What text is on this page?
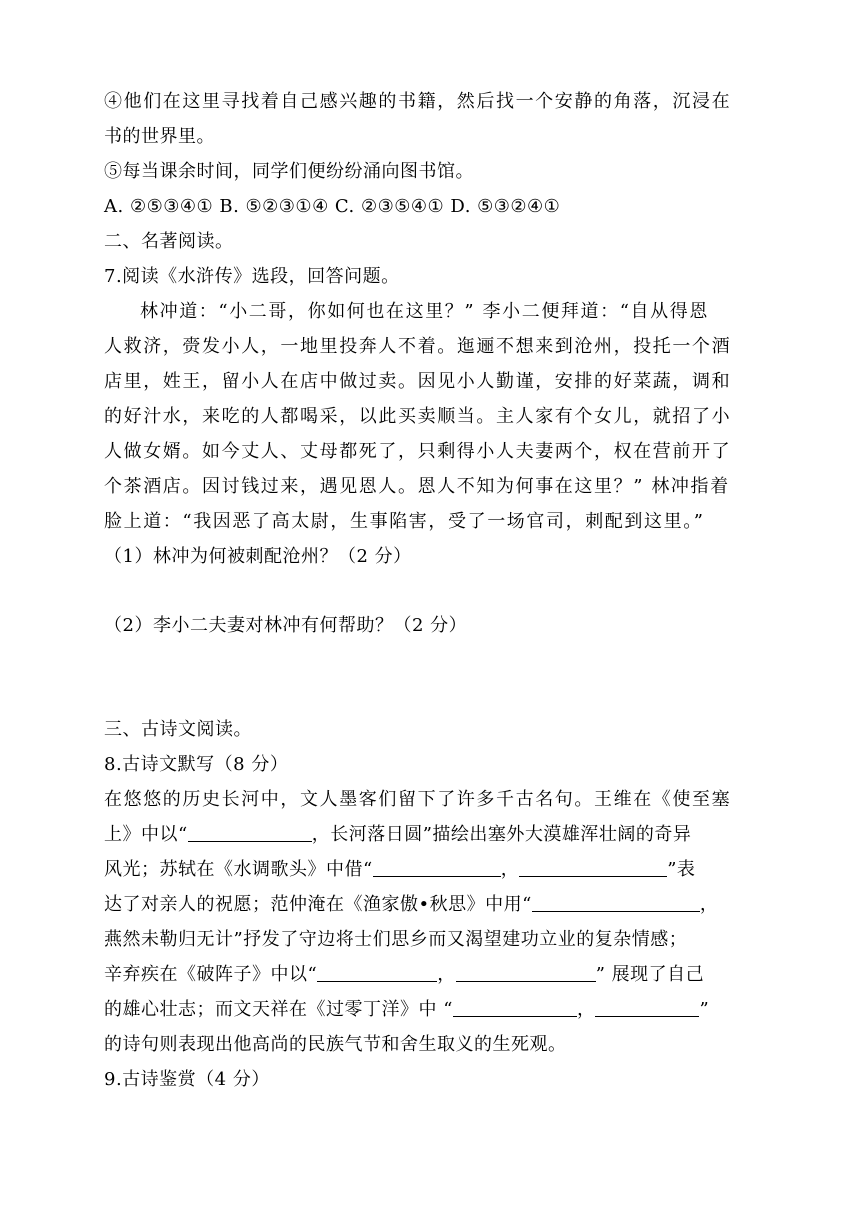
④他们在这里寻找着自己感兴趣的书籍，然后找一个安静的角落，沉浸在
书的世界里。
⑤每当课余时间，同学们便纷纷涌向图书馆。
A. ②⑤③④① B. ⑤②③①④ C. ②③⑤④① D. ⑤③②④①
二、名著阅读。
7.阅读《水浒传》选段，回答问题。
林冲道：“小二哥，你如何也在这里？” 李小二便拜道：“自从得恩
人救济，赍发小人，一地里投奔人不着。迤逦不想来到沧州，投托一个酒
店里，姓王，留小人在店中做过卖。因见小人勤谨，安排的好菜蔬，调和
的好汁水，来吃的人都喝采，以此买卖顺当。主人家有个女儿，就招了小
人做女婿。如今丈人、丈母都死了，只剩得小人夫妻两个，权在营前开了
个茶酒店。因讨钱过来，遇见恩人。恩人不知为何事在这里？” 林冲指着
脸上道：“我因恶了高太尉，生事陷害，受了一场官司，刺配到这里。”
（1）林冲为何被刺配沧州？（2 分）
（2）李小二夫妻对林冲有何帮助？（2 分）
三、古诗文阅读。
8.古诗文默写（8 分）
在悠悠的历史长河中，文人墨客们留下了许多千古名句。王维在《使至塞
上》中以“	，长河落日圆”描绘出塞外大漠雄浑壮阔的奇异
风光；苏轼在《水调歌头》中借“	，	”表
达了对亲人的祝愿；范仲淹在《渔家傲•秋思》中用“	，
燕然未勒归无计”抒发了守边将士们思乡而又渴望建功立业的复杂情感；
辛弃疾在《破阵子》中以“	，	” 展现了自己
的雄心壮志；而文天祥在《过零丁洋》中 “	，	”
的诗句则表现出他高尚的民族气节和舍生取义的生死观。
9.古诗鉴赏（4 分）
